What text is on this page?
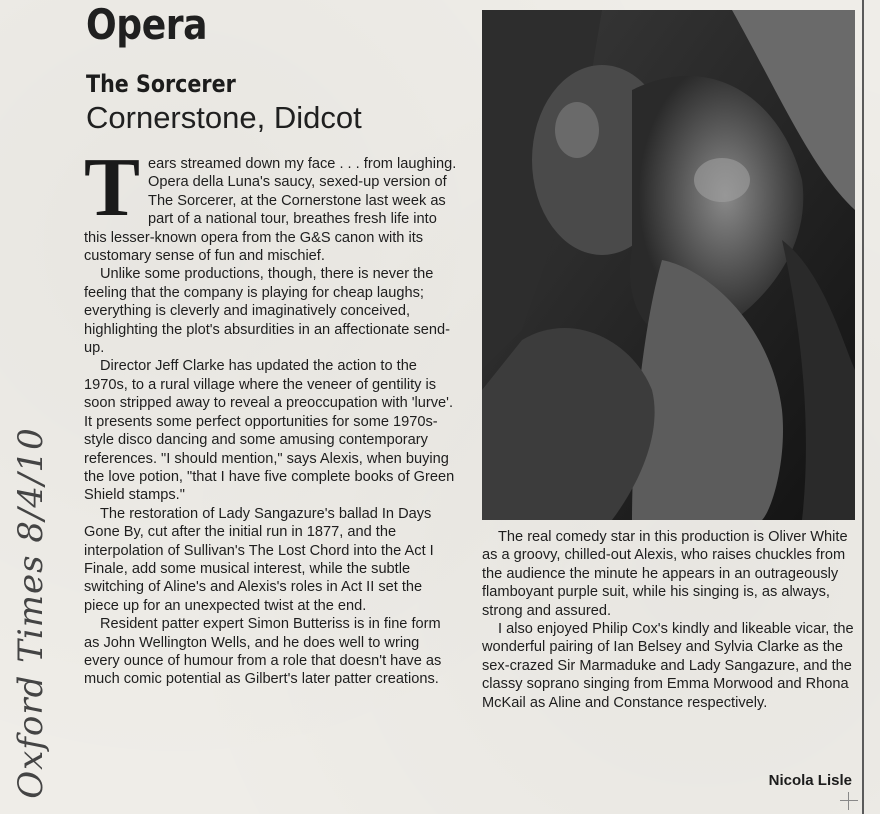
Oxford Times 8/4/10
Opera
The Sorcerer
Cornerstone, Didcot

Tears streamed down my face . . . from laughing. Opera della Luna's saucy, sexed-up version of The Sorcerer, at the Cornerstone last week as part of a national tour, breathes fresh life into this lesser-known opera from the G&S canon with its customary sense of fun and mischief.

Unlike some productions, though, there is never the feeling that the company is playing for cheap laughs; everything is cleverly and imaginatively conceived, highlighting the plot's absurdities in an affectionate send-up.

Director Jeff Clarke has updated the action to the 1970s, to a rural village where the veneer of gentility is soon stripped away to reveal a preoccupation with 'lurve'. It presents some perfect opportunities for some 1970s-style disco dancing and some amusing contemporary references. "I should mention," says Alexis, when buying the love potion, "that I have five complete books of Green Shield stamps."

The restoration of Lady Sangazure's ballad In Days Gone By, cut after the initial run in 1877, and the interpolation of Sullivan's The Lost Chord into the Act I Finale, add some musical interest, while the subtle switching of Aline's and Alexis's roles in Act II set the piece up for an unexpected twist at the end.

Resident patter expert Simon Butteriss is in fine form as John Wellington Wells, and he does well to wring every ounce of humour from a role that doesn't have as much comic potential as Gilbert's later patter creations.

The real comedy star in this production is Oliver White as a groovy, chilled-out Alexis, who raises chuckles from the audience the minute he appears in an outrageously flamboyant purple suit, while his singing is, as always, strong and assured.

I also enjoyed Philip Cox's kindly and likeable vicar, the wonderful pairing of Ian Belsey and Sylvia Clarke as the sex-crazed Sir Marmaduke and Lady Sangazure, and the classy soprano singing from Emma Morwood and Rhona McKail as Aline and Constance respectively.

Nicola Lisle
